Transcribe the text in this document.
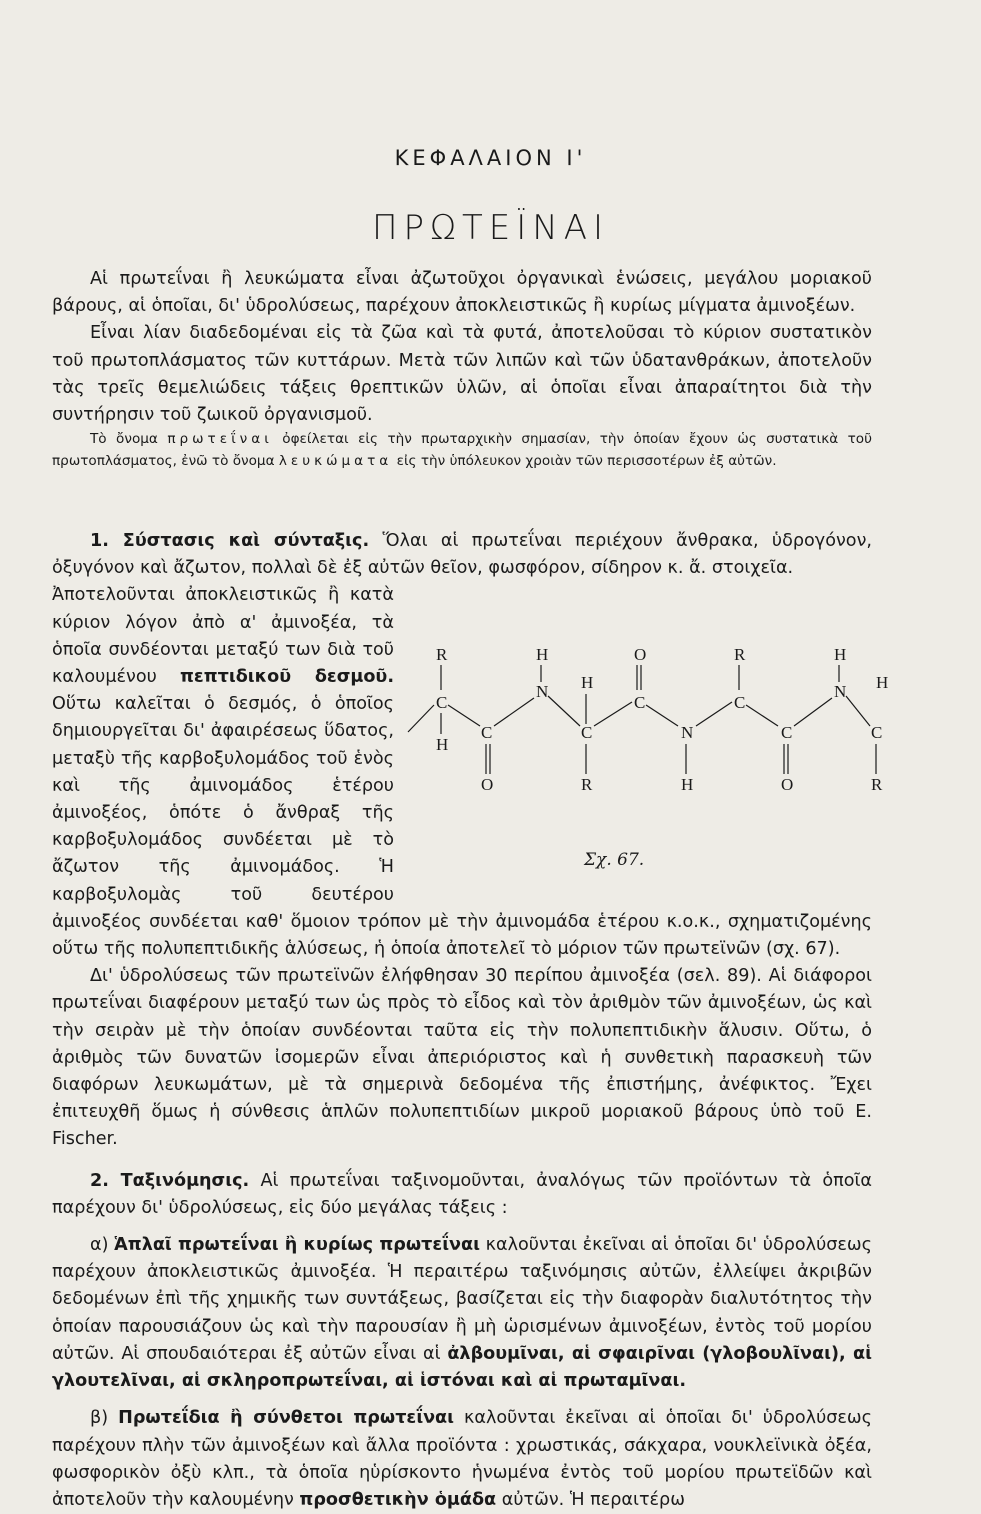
ΚΕΦΑΛΑΙΟΝ Ι'
ΠΡΩΤΕΪΝΑΙ

Αἱ πρωτεΐναι ἢ λευκώματα εἶναι ἀζωτοῦχοι ὀργανικαὶ ἑνώσεις, μεγάλου μοριακοῦ βάρους, αἱ ὁποῖαι, δι' ὑδρολύσεως, παρέχουν ἀποκλειστικῶς ἢ κυρίως μίγματα ἀμινοξέων.

Εἶναι λίαν διαδεδομέναι εἰς τὰ ζῶα καὶ τὰ φυτά, ἀποτελοῦσαι τὸ κύριον συστατικὸν τοῦ πρωτοπλάσματος τῶν κυττάρων. Μετὰ τῶν λιπῶν καὶ τῶν ὑδατανθράκων, ἀποτελοῦν τὰς τρεῖς θεμελιώδεις τάξεις θρεπτικῶν ὑλῶν, αἱ ὁποῖαι εἶναι ἀπαραίτητοι διὰ τὴν συντήρησιν τοῦ ζωικοῦ ὀργανισμοῦ.

Τὸ ὄνομα πρωτεΐναι ὀφείλεται εἰς τὴν πρωταρχικὴν σημασίαν, τὴν ὁποίαν ἔχουν ὡς συστατικὰ τοῦ πρωτοπλάσματος, ἐνῶ τὸ ὄνομα λευκώματα εἰς τὴν ὑπόλευκον χροιὰν τῶν περισσοτέρων ἐξ αὐτῶν.

1. Σύστασις καὶ σύνταξις. Ὅλαι αἱ πρωτεΐναι περιέχουν ἄνθρακα, ὑδρογόνον, ὀξυγόνον καὶ ἄζωτον, πολλαὶ δὲ ἐξ αὐτῶν θεῖον, φωσφόρον, σίδηρον κ. ἄ. στοιχεῖα.

R	H	O	R	H
C
N H
C	C
N H
H
C	C	N	C	C
O	R	H	O	R
Σχ. 67.

Ἀποτελοῦνται ἀποκλειστικῶς ἢ κατὰ κύριον λόγον ἀπὸ α' ἀμινοξέα, τὰ ὁποῖα συνδέονται μεταξύ των διὰ τοῦ καλουμένου πεπτιδικοῦ δεσμοῦ. Οὕτω καλεῖται ὁ δεσμός, ὁ ὁποῖος δημιουργεῖται δι' ἀφαιρέσεως ὕδατος, μεταξὺ τῆς καρβοξυλομάδος τοῦ ἑνὸς καὶ τῆς ἀμινομάδος ἑτέρου ἀμινοξέος, ὁπότε ὁ ἄνθραξ τῆς καρβοξυλομάδος συνδέεται μὲ τὸ ἄζωτον τῆς ἀμινομάδος. Ἡ καρβοξυλομὰς τοῦ δευτέρου ἀμινοξέος συνδέεται καθ' ὅμοιον τρόπον μὲ τὴν ἀμινομάδα ἑτέρου κ.ο.κ., σχηματιζομένης οὕτω τῆς πολυπεπτιδικῆς ἁλύσεως, ἡ ὁποία ἀποτελεῖ τὸ μόριον τῶν πρωτεϊνῶν (σχ. 67).

Δι' ὑδρολύσεως τῶν πρωτεϊνῶν ἐλήφθησαν 30 περίπου ἀμινοξέα (σελ. 89). Αἱ διάφοροι πρωτεΐναι διαφέρουν μεταξύ των ὡς πρὸς τὸ εἶδος καὶ τὸν ἀριθμὸν τῶν ἀμινοξέων, ὡς καὶ τὴν σειρὰν μὲ τὴν ὁποίαν συνδέονται ταῦτα εἰς τὴν πολυπεπτιδικὴν ἅλυσιν. Οὕτω, ὁ ἀριθμὸς τῶν δυνατῶν ἰσομερῶν εἶναι ἀπεριόριστος καὶ ἡ συνθετικὴ παρασκευὴ τῶν διαφόρων λευκωμάτων, μὲ τὰ σημερινὰ δεδομένα τῆς ἐπιστήμης, ἀνέφικτος. Ἔχει ἐπιτευχθῆ ὅμως ἡ σύνθεσις ἁπλῶν πολυπεπτιδίων μικροῦ μοριακοῦ βάρους ὑπὸ τοῦ E. Fischer.

2. Ταξινόμησις. Αἱ πρωτεΐναι ταξινομοῦνται, ἀναλόγως τῶν προϊόντων τὰ ὁποῖα παρέχουν δι' ὑδρολύσεως, εἰς δύο μεγάλας τάξεις :

α) Ἁπλαῖ πρωτεΐναι ἢ κυρίως πρωτεΐναι καλοῦνται ἐκεῖναι αἱ ὁποῖαι δι' ὑδρολύσεως παρέχουν ἀποκλειστικῶς ἀμινοξέα. Ἡ περαιτέρω ταξινόμησις αὐτῶν, ἐλλείψει ἀκριβῶν δεδομένων ἐπὶ τῆς χημικῆς των συντάξεως, βασίζεται εἰς τὴν διαφορὰν διαλυτότητος τὴν ὁποίαν παρουσιάζουν ὡς καὶ τὴν παρουσίαν ἢ μὴ ὡρισμένων ἀμινοξέων, ἐντὸς τοῦ μορίου αὐτῶν. Αἱ σπουδαιότεραι ἐξ αὐτῶν εἶναι αἱ ἀλβουμῖναι, αἱ σφαιρῖναι (γλοβουλῖναι), αἱ γλουτελῖναι, αἱ σκληροπρωτεΐναι, αἱ ἱστόναι καὶ αἱ πρωταμῖναι.

β) Πρωτεΐδια ἢ σύνθετοι πρωτεΐναι καλοῦνται ἐκεῖναι αἱ ὁποῖαι δι' ὑδρολύσεως παρέχουν πλὴν τῶν ἀμινοξέων καὶ ἄλλα προϊόντα : χρωστικάς, σάκχαρα, νουκλεϊνικὰ ὀξέα, φωσφορικὸν ὀξὺ κλπ., τὰ ὁποῖα ηὑρίσκοντο ἡνωμένα ἐντὸς τοῦ μορίου πρωτεϊδῶν καὶ ἀποτελοῦν τὴν καλουμένην προσθετικὴν ὁμάδα αὐτῶν. Ἡ περαιτέρω
